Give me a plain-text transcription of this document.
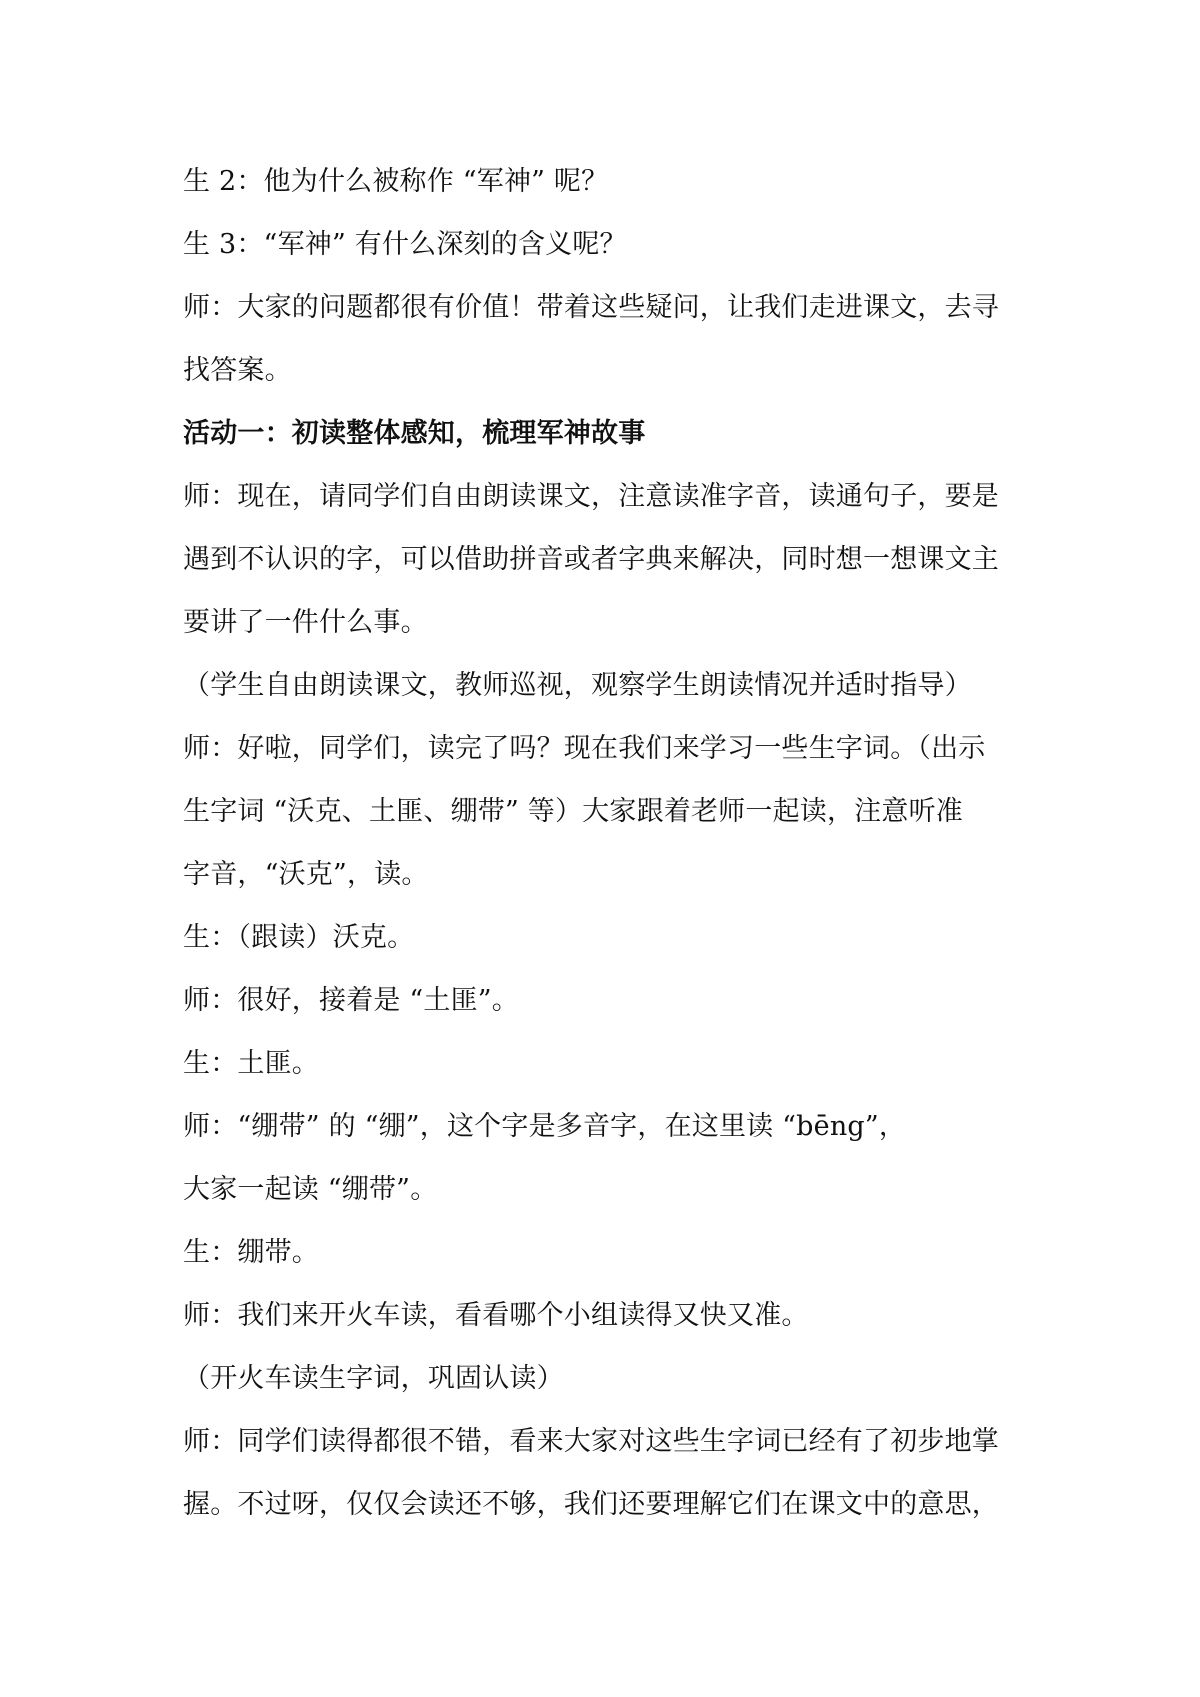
生 2：他为什么被称作 “军神” 呢？
生 3：“军神” 有什么深刻的含义呢？
师：大家的问题都很有价值！带着这些疑问，让我们走进课文，去寻
找答案。
活动一：初读整体感知，梳理军神故事
师：现在，请同学们自由朗读课文，注意读准字音，读通句子，要是
遇到不认识的字，可以借助拼音或者字典来解决，同时想一想课文主
要讲了一件什么事。
（学生自由朗读课文，教师巡视，观察学生朗读情况并适时指导）
师：好啦，同学们，读完了吗？现在我们来学习一些生字词。（出示
生字词 “沃克、土匪、绷带” 等）大家跟着老师一起读，注意听准
字音，“沃克”，读。
生：（跟读）沃克。
师：很好，接着是 “土匪”。
生：土匪。
师：“绷带” 的 “绷”，这个字是多音字，在这里读 “bēng”，
大家一起读 “绷带”。
生：绷带。
师：我们来开火车读，看看哪个小组读得又快又准。
（开火车读生字词，巩固认读）
师：同学们读得都很不错，看来大家对这些生字词已经有了初步地掌
握。不过呀，仅仅会读还不够，我们还要理解它们在课文中的意思，
